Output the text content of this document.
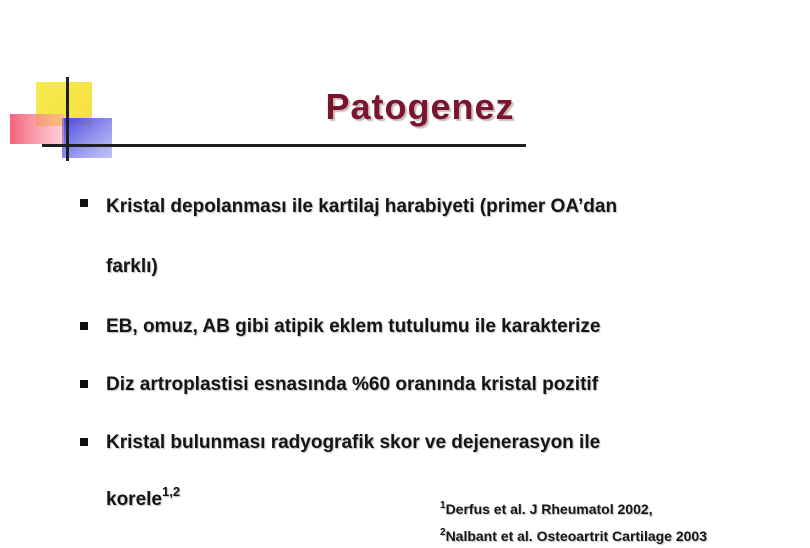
Patogenez
Kristal depolanması ile kartilaj harabiyeti (primer OA’dan
farklı)
EB, omuz, AB gibi atipik eklem tutulumu ile karakterize
Diz artroplastisi esnasında %60 oranında kristal pozitif
Kristal bulunması radyografik skor ve dejenerasyon ile
korele$^{1,2}$
$^1$Derfus et al. J Rheumatol 2002,
$^2$Nalbant et al. Osteoartrit Cartilage 2003
